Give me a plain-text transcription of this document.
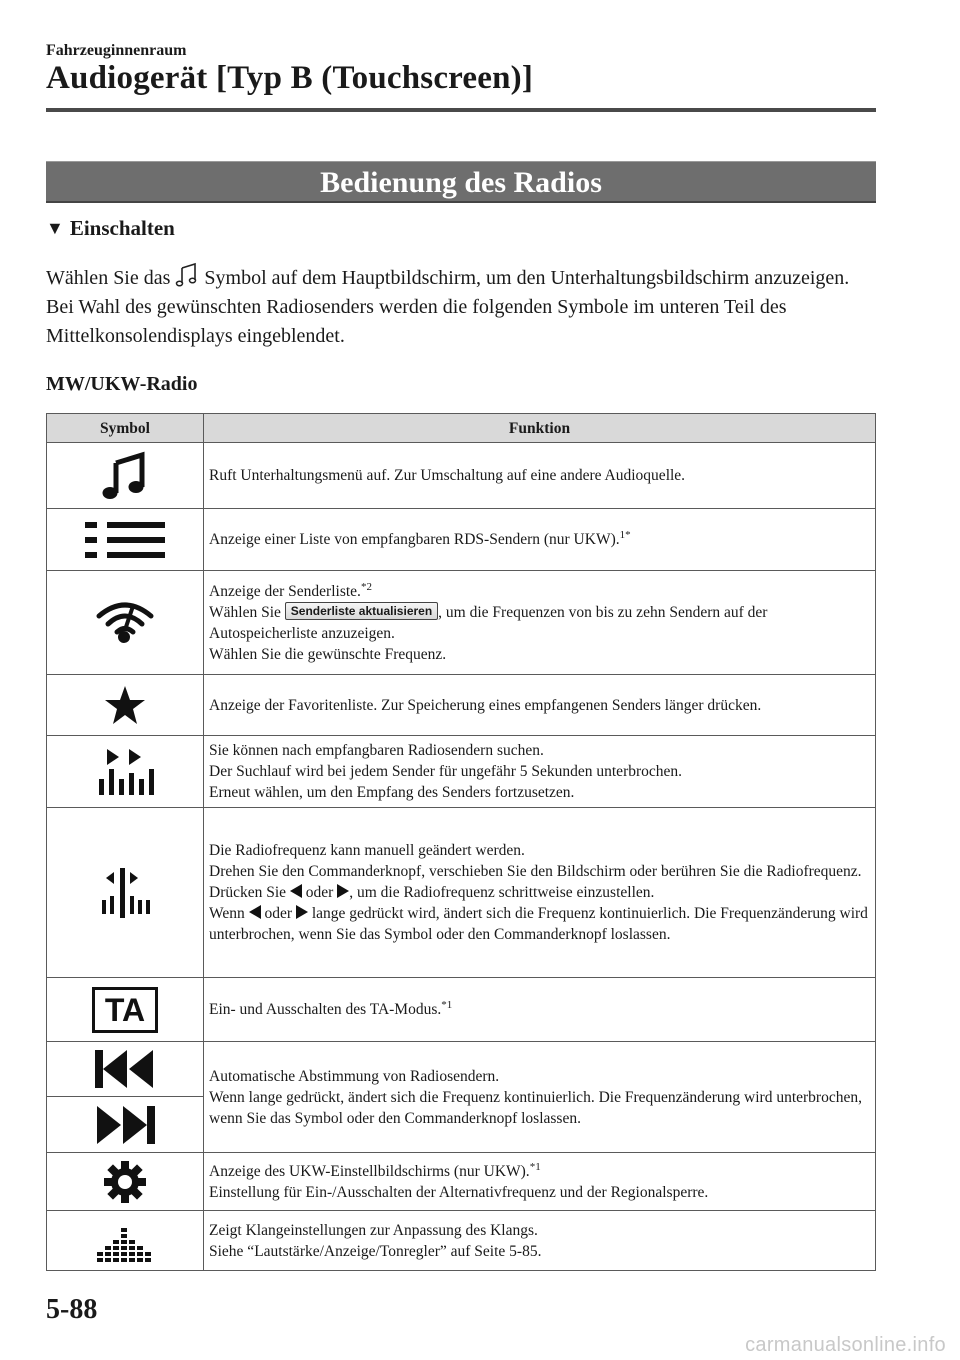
Fahrzeuginnenraum
Audiogerät [Typ B (Touchscreen)]
Bedienung des Radios
▼ Einschalten

Wählen Sie das  Symbol auf dem Hauptbildschirm, um den Unterhaltungsbildschirm anzuzeigen. Bei Wahl des gewünschten Radiosenders werden die folgenden Symbole im unteren Teil des Mittelkonsolendisplays eingeblendet.

MW/UKW-Radio
Symbol	Funktion

	Ruft Unterhaltungsmenü auf. Zur Umschaltung auf eine andere Audioquelle.

	Anzeige einer Liste von empfangbaren RDS-Sendern (nur UKW).$^{1*}$

Anzeige der Senderliste.$^{*2}$
Wählen Sie Senderliste aktualisieren , um die Frequenzen von bis zu zehn Sendern auf der Autospeicherliste anzuzeigen.
Wählen Sie die gewünschte Frequenz.

	Anzeige der Favoritenliste. Zur Speicherung eines empfangenen Senders länger drücken.

Sie können nach empfangbaren Radiosendern suchen.
Der Suchlauf wird bei jedem Sender für ungefähr 5 Sekunden unterbrochen.
Erneut wählen, um den Empfang des Senders fortzusetzen.

Die Radiofrequenz kann manuell geändert werden.
Drehen Sie den Commanderknopf, verschieben Sie den Bildschirm oder berühren Sie die Radiofrequenz.
Drücken Sie  oder , um die Radiofrequenz schrittweise einzustellen.
Wenn  oder  lange gedrückt wird, ändert sich die Frequenz kontinuierlich. Die Frequenzänderung wird unterbrochen, wenn Sie das Symbol oder den Commanderknopf loslassen.

TA	Ein- und Ausschalten des TA-Modus.$^{*1}$

Automatische Abstimmung von Radiosendern.
Wenn lange gedrückt, ändert sich die Frequenz kontinuierlich. Die Frequenzänderung wird unterbrochen, wenn Sie das Symbol oder den Commanderknopf loslassen.

Anzeige des UKW-Einstellbildschirms (nur UKW).$^{*1}$
Einstellung für Ein-/Ausschalten der Alternativfrequenz und der Regionalsperre.

Zeigt Klangeinstellungen zur Anpassung des Klangs.
Siehe “Lautstärke/Anzeige/Tonregler” auf Seite 5-85.
5-88
carmanualsonline.info
